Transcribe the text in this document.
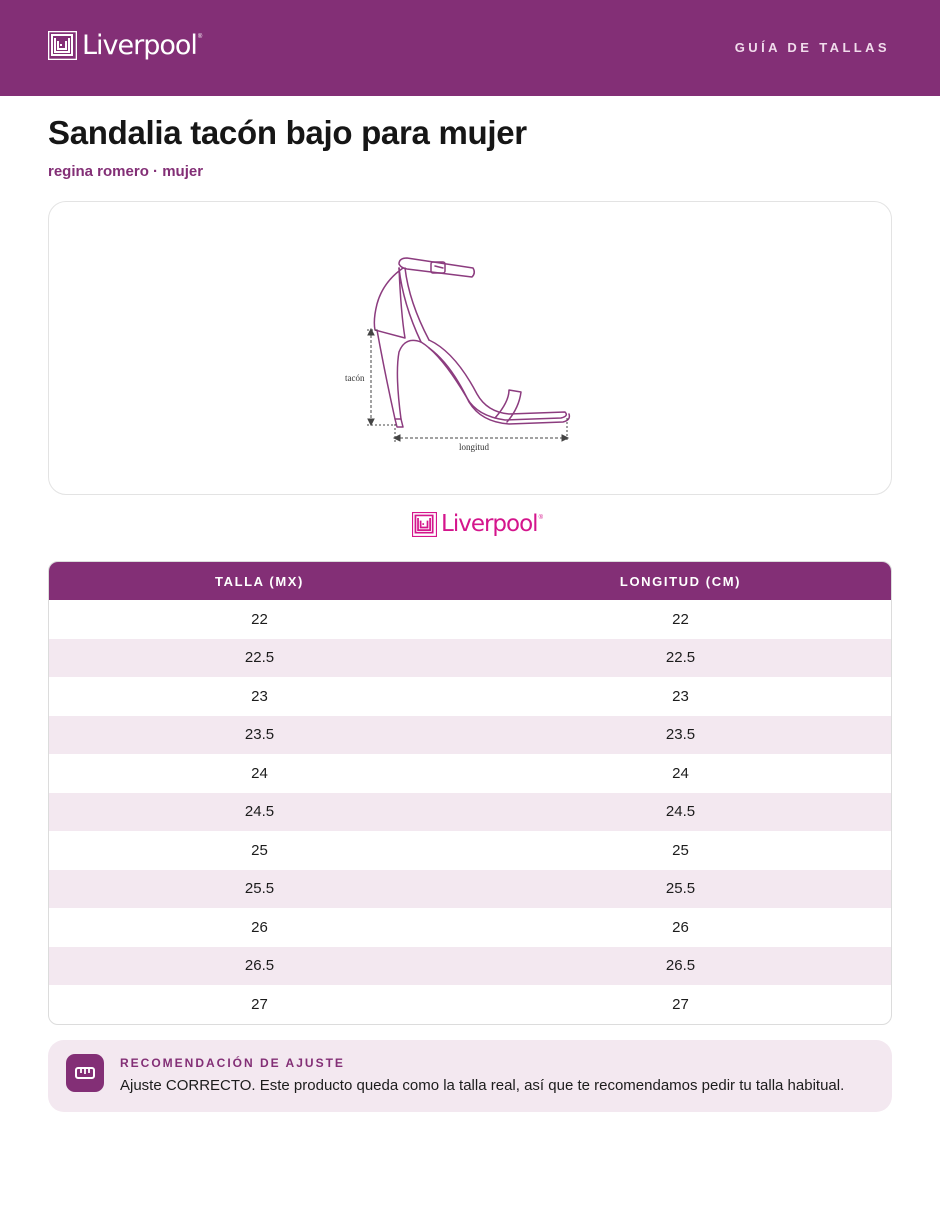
Liverpool ®
GUÍA DE TALLAS
Sandalia tacón bajo para mujer
regina romero · mujer
tacón
longitud
Liverpool ®
TALLA (MX)	LONGITUD (CM)
22	22
22.5	22.5
23	23
23.5	23.5
24	24
24.5	24.5
25	25
25.5	25.5
26	26
26.5	26.5
27	27
RECOMENDACIÓN DE AJUSTE
Ajuste CORRECTO. Este producto queda como la talla real, así que te recomendamos pedir tu talla habitual.
